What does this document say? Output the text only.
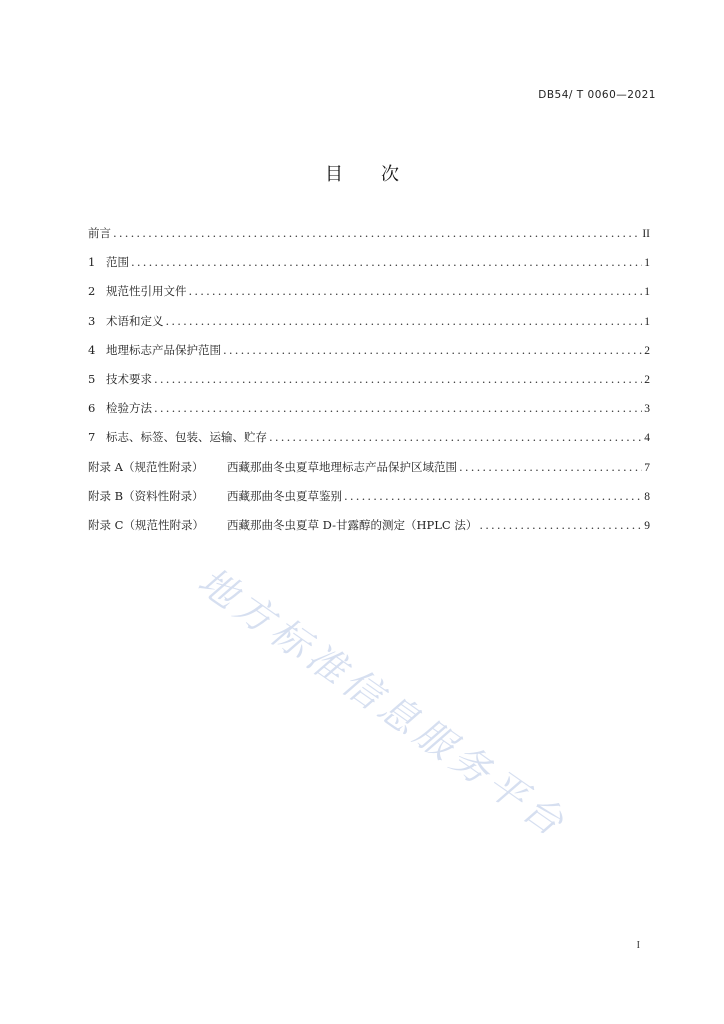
DB54/ T 0060—2021
目 次
前言 .....	II
1 范围 .....	1
2 规范性引用文件 .....	1
3 术语和定义 .....	1
4 地理标志产品保护范围 .....	2
5 技术要求 .....	2
6 检验方法 .....	3
7 标志、标签、包装、运输、贮存 .....	4
附录 A（规范性附录）	西藏那曲冬虫夏草地理标志产品保护区域范围 .....	7
附录 B（资料性附录）	西藏那曲冬虫夏草鉴别 .....	8
附录 C（规范性附录）	西藏那曲冬虫夏草 D-甘露醇的测定（HPLC 法） .....	9
地方标准信息服务平台
I
